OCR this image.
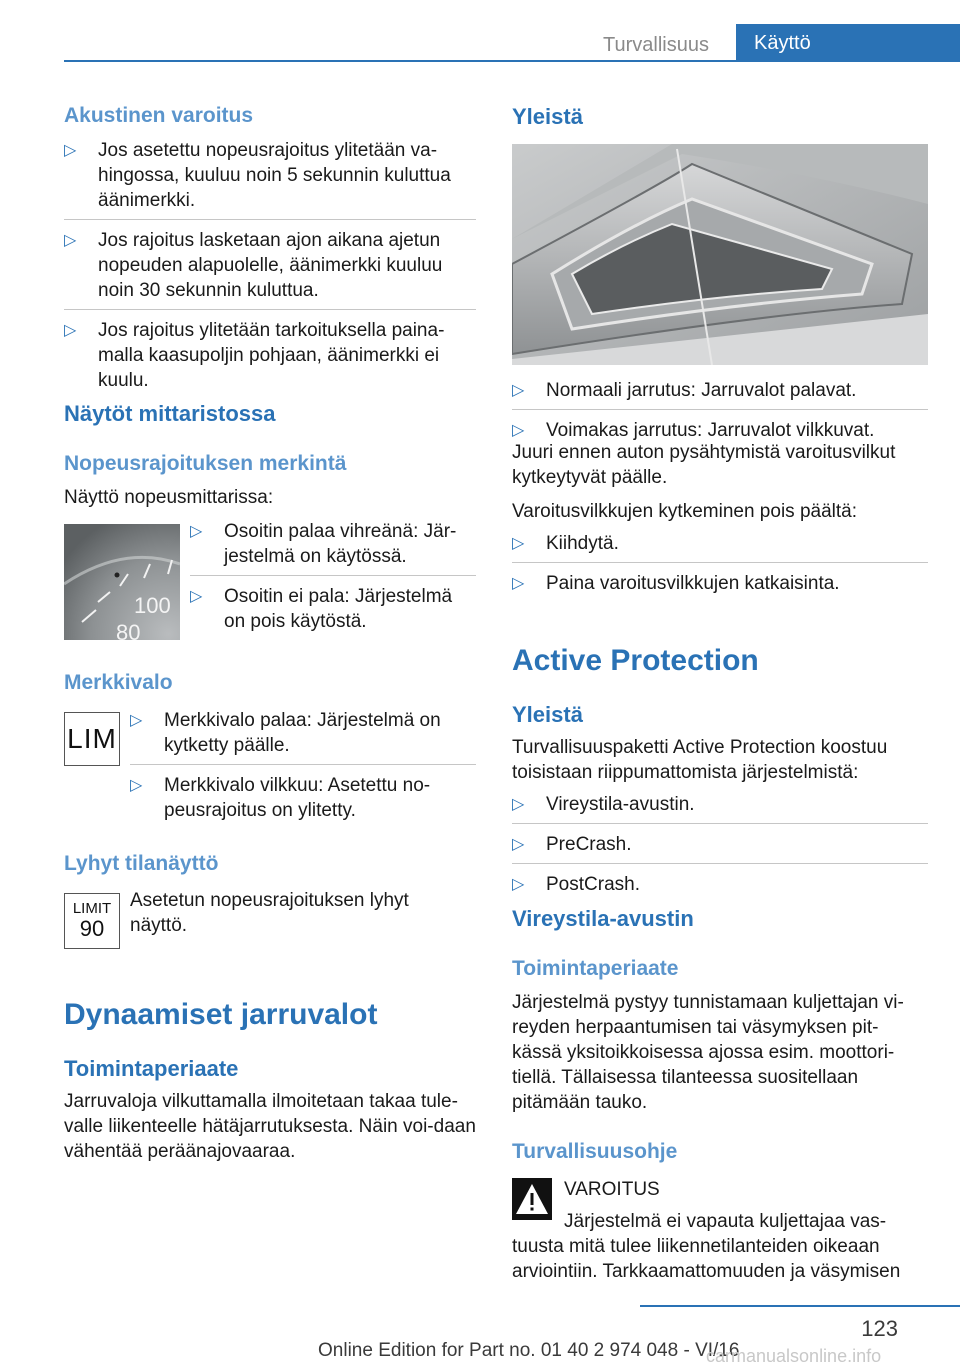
Turvallisuus	Käyttö
Akustinen varoitus
▷ Jos asetettu nopeusrajoitus ylitetään va-hingossa, kuuluu noin 5 sekunnin kuluttua äänimerkki.
▷ Jos rajoitus lasketaan ajon aikana ajetun nopeuden alapuolelle, äänimerkki kuuluu noin 30 sekunnin kuluttua.
▷ Jos rajoitus ylitetään tarkoituksella paina-malla kaasupoljin pohjaan, äänimerkki ei kuulu.
Näytöt mittaristossa
Nopeusrajoituksen merkintä
Näyttö nopeusmittarissa:
100
80
▷ Osoitin palaa vihreänä: Jär-jestelmä on käytössä.
▷ Osoitin ei pala: Järjestelmä on pois käytöstä.
Merkkivalo
LIM
▷ Merkkivalo palaa: Järjestelmä on kytketty päälle.
▷ Merkkivalo vilkkuu: Asetettu no-peusrajoitus on ylitetty.
Lyhyt tilanäyttö
LIMIT
90
Asetetun nopeusrajoituksen lyhyt näyttö.
Dynaamiset jarruvalot
Toimintaperiaate
Jarruvaloja vilkuttamalla ilmoitetaan takaa tule-valle liikenteelle hätäjarrutuksesta. Näin voi-daan vähentää peräänajovaaraa.
Yleistä
▷ Normaali jarrutus: Jarruvalot palavat.
▷ Voimakas jarrutus: Jarruvalot vilkkuvat.
Juuri ennen auton pysähtymistä varoitusvilkut kytkeytyvät päälle.
Varoitusvilkkujen kytkeminen pois päältä:
▷ Kiihdytä.
▷ Paina varoitusvilkkujen katkaisinta.
Active Protection
Yleistä
Turvallisuuspaketti Active Protection koostuu toisistaan riippumattomista järjestelmistä:
▷ Vireystila-avustin.
▷ PreCrash.
▷ PostCrash.
Vireystila-avustin
Toimintaperiaate
Järjestelmä pystyy tunnistamaan kuljettajan vi-reyden herpaantumisen tai väsymyksen pit-kässä yksitoikkoisessa ajossa esim. moottori-tiellä. Tällaisessa tilanteessa suositellaan pitämään tauko.
Turvallisuusohje
VAROITUS
Järjestelmä ei vapauta kuljettajaa vas-
tuusta mitä tulee liikennetilanteiden oikeaan arviointiin. Tarkkaamattomuuden ja väsymisen
123
Online Edition for Part no. 01 40 2 974 048 - VI/16
carmanualsonline.info
